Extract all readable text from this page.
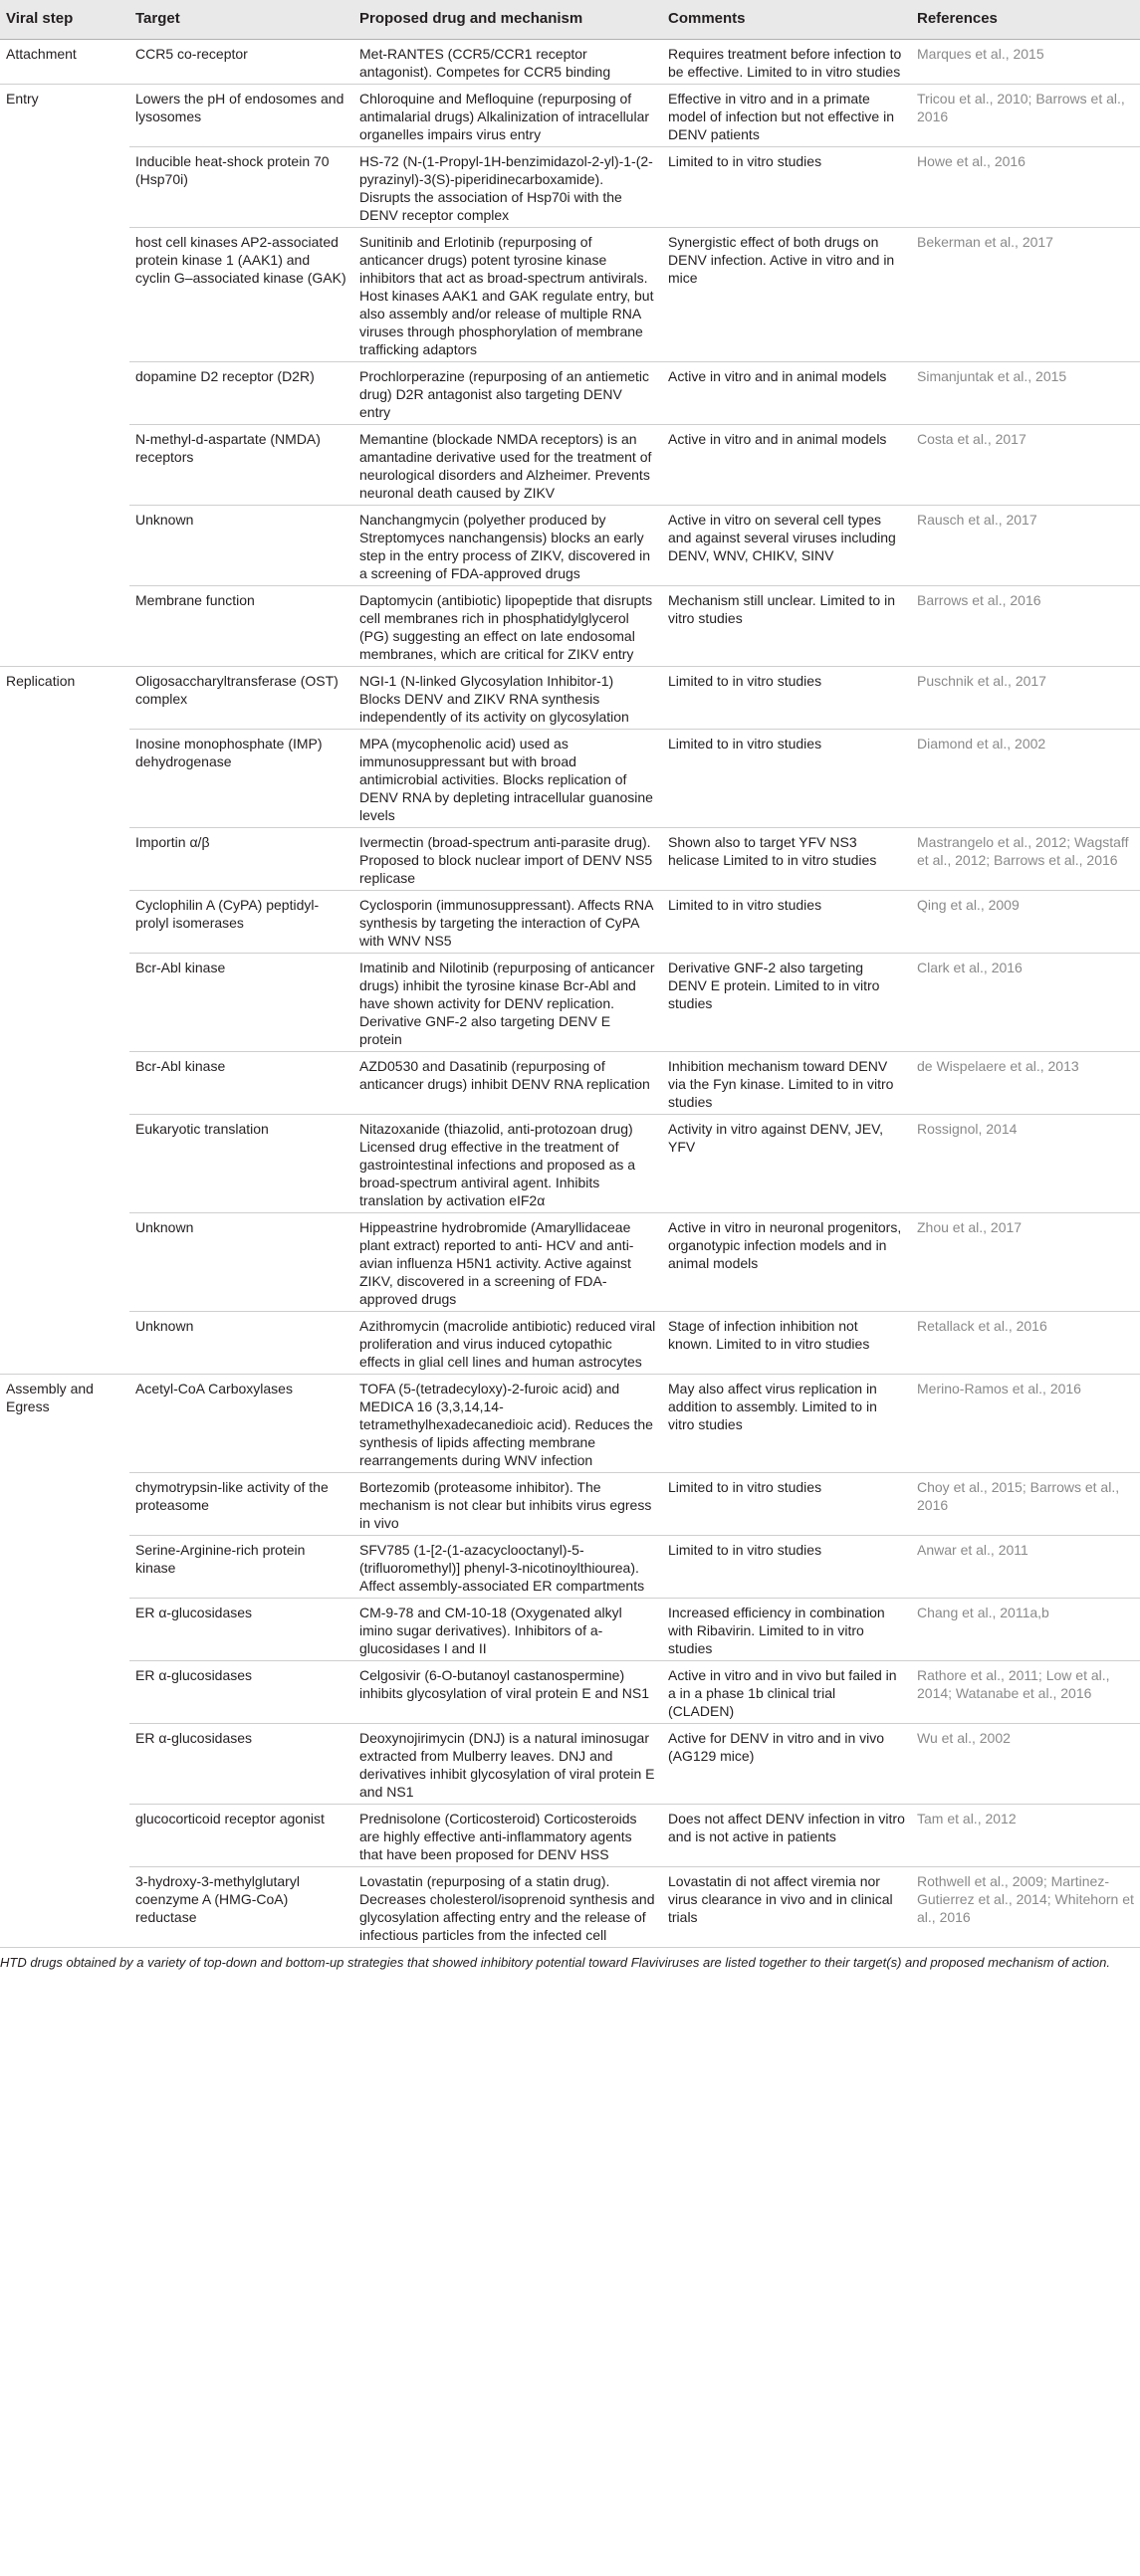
Viral step	Target	Proposed drug and mechanism	Comments	References
Attachment	CCR5 co-receptor	Met-RANTES (CCR5/CCR1 receptor antagonist). Competes for CCR5 binding	Requires treatment before infection to be effective. Limited to in vitro studies	Marques et al., 2015
Entry	Lowers the pH of endosomes and lysosomes	Chloroquine and Mefloquine (repurposing of antimalarial drugs) Alkalinization of intracellular organelles impairs virus entry	Effective in vitro and in a primate model of infection but not effective in DENV patients	Tricou et al., 2010; Barrows et al., 2016
	Inducible heat-shock protein 70 (Hsp70i)	HS-72 (N-(1-Propyl-1H-benzimidazol-2-yl)-1-(2-pyrazinyl)-3(S)-piperidinecarboxamide). Disrupts the association of Hsp70i with the DENV receptor complex	Limited to in vitro studies	Howe et al., 2016
	host cell kinases AP2-associated protein kinase 1 (AAK1) and cyclin G–associated kinase (GAK)	Sunitinib and Erlotinib (repurposing of anticancer drugs) potent tyrosine kinase inhibitors that act as broad-spectrum antivirals. Host kinases AAK1 and GAK regulate entry, but also assembly and/or release of multiple RNA viruses through phosphorylation of membrane trafficking adaptors	Synergistic effect of both drugs on DENV infection. Active in vitro and in mice	Bekerman et al., 2017
	dopamine D2 receptor (D2R)	Prochlorperazine (repurposing of an antiemetic drug) D2R antagonist also targeting DENV entry	Active in vitro and in animal models	Simanjuntak et al., 2015
	N-methyl-d-aspartate (NMDA) receptors	Memantine (blockade NMDA receptors) is an amantadine derivative used for the treatment of neurological disorders and Alzheimer. Prevents neuronal death caused by ZIKV	Active in vitro and in animal models	Costa et al., 2017
	Unknown	Nanchangmycin (polyether produced by Streptomyces nanchangensis) blocks an early step in the entry process of ZIKV, discovered in a screening of FDA-approved drugs	Active in vitro on several cell types and against several viruses including DENV, WNV, CHIKV, SINV	Rausch et al., 2017
	Membrane function	Daptomycin (antibiotic) lipopeptide that disrupts cell membranes rich in phosphatidylglycerol (PG) suggesting an effect on late endosomal membranes, which are critical for ZIKV entry	Mechanism still unclear. Limited to in vitro studies	Barrows et al., 2016
Replication	Oligosaccharyltransferase (OST) complex	NGI-1 (N-linked Glycosylation Inhibitor-1) Blocks DENV and ZIKV RNA synthesis independently of its activity on glycosylation	Limited to in vitro studies	Puschnik et al., 2017
	Inosine monophosphate (IMP) dehydrogenase	MPA (mycophenolic acid) used as immunosuppressant but with broad antimicrobial activities. Blocks replication of DENV RNA by depleting intracellular guanosine levels	Limited to in vitro studies	Diamond et al., 2002
	Importin α/β	Ivermectin (broad-spectrum anti-parasite drug). Proposed to block nuclear import of DENV NS5 replicase	Shown also to target YFV NS3 helicase Limited to in vitro studies	Mastrangelo et al., 2012; Wagstaff et al., 2012; Barrows et al., 2016
	Cyclophilin A (CyPA) peptidyl-prolyl isomerases	Cyclosporin (immunosuppressant). Affects RNA synthesis by targeting the interaction of CyPA with WNV NS5	Limited to in vitro studies	Qing et al., 2009
	Bcr-Abl kinase	Imatinib and Nilotinib (repurposing of anticancer drugs) inhibit the tyrosine kinase Bcr-Abl and have shown activity for DENV replication. Derivative GNF-2 also targeting DENV E protein	Derivative GNF-2 also targeting DENV E protein. Limited to in vitro studies	Clark et al., 2016
	Bcr-Abl kinase	AZD0530 and Dasatinib (repurposing of anticancer drugs) inhibit DENV RNA replication	Inhibition mechanism toward DENV via the Fyn kinase. Limited to in vitro studies	de Wispelaere et al., 2013
	Eukaryotic translation	Nitazoxanide (thiazolid, anti-protozoan drug) Licensed drug effective in the treatment of gastrointestinal infections and proposed as a broad-spectrum antiviral agent. Inhibits translation by activation eIF2α	Activity in vitro against DENV, JEV, YFV	Rossignol, 2014
	Unknown	Hippeastrine hydrobromide (Amaryllidaceae plant extract) reported to anti- HCV and anti-avian influenza H5N1 activity. Active against ZIKV, discovered in a screening of FDA-approved drugs	Active in vitro in neuronal progenitors, organotypic infection models and in animal models	Zhou et al., 2017
	Unknown	Azithromycin (macrolide antibiotic) reduced viral proliferation and virus induced cytopathic effects in glial cell lines and human astrocytes	Stage of infection inhibition not known. Limited to in vitro studies	Retallack et al., 2016
Assembly and Egress	Acetyl-CoA Carboxylases	TOFA (5-(tetradecyloxy)-2-furoic acid) and MEDICA 16 (3,3,14,14-tetramethylhexadecanedioic acid). Reduces the synthesis of lipids affecting membrane rearrangements during WNV infection	May also affect virus replication in addition to assembly. Limited to in vitro studies	Merino-Ramos et al., 2016
	chymotrypsin-like activity of the proteasome	Bortezomib (proteasome inhibitor). The mechanism is not clear but inhibits virus egress in vivo	Limited to in vitro studies	Choy et al., 2015; Barrows et al., 2016
	Serine-Arginine-rich protein kinase	SFV785 (1-[2-(1-azacyclooctanyl)-5-(trifluoromethyl)] phenyl-3-nicotinoylthiourea). Affect assembly-associated ER compartments	Limited to in vitro studies	Anwar et al., 2011
	ER α-glucosidases	CM-9-78 and CM-10-18 (Oxygenated alkyl imino sugar derivatives). Inhibitors of a-glucosidases I and II	Increased efficiency in combination with Ribavirin. Limited to in vitro studies	Chang et al., 2011a,b
	ER α-glucosidases	Celgosivir (6-O-butanoyl castanospermine) inhibits glycosylation of viral protein E and NS1	Active in vitro and in vivo but failed in a in a phase 1b clinical trial (CLADEN)	Rathore et al., 2011; Low et al., 2014; Watanabe et al., 2016
	ER α-glucosidases	Deoxynojirimycin (DNJ) is a natural iminosugar extracted from Mulberry leaves. DNJ and derivatives inhibit glycosylation of viral protein E and NS1	Active for DENV in vitro and in vivo (AG129 mice)	Wu et al., 2002
	glucocorticoid receptor agonist	Prednisolone (Corticosteroid) Corticosteroids are highly effective anti-inflammatory agents that have been proposed for DENV HSS	Does not affect DENV infection in vitro and is not active in patients	Tam et al., 2012
	3-hydroxy-3-methylglutaryl coenzyme A (HMG-CoA) reductase	Lovastatin (repurposing of a statin drug). Decreases cholesterol/isoprenoid synthesis and glycosylation affecting entry and the release of infectious particles from the infected cell	Lovastatin di not affect viremia nor virus clearance in vivo and in clinical trials	Rothwell et al., 2009; Martinez-Gutierrez et al., 2014; Whitehorn et al., 2016
HTD drugs obtained by a variety of top-down and bottom-up strategies that showed inhibitory potential toward Flaviviruses are listed together to their target(s) and proposed mechanism of action.
